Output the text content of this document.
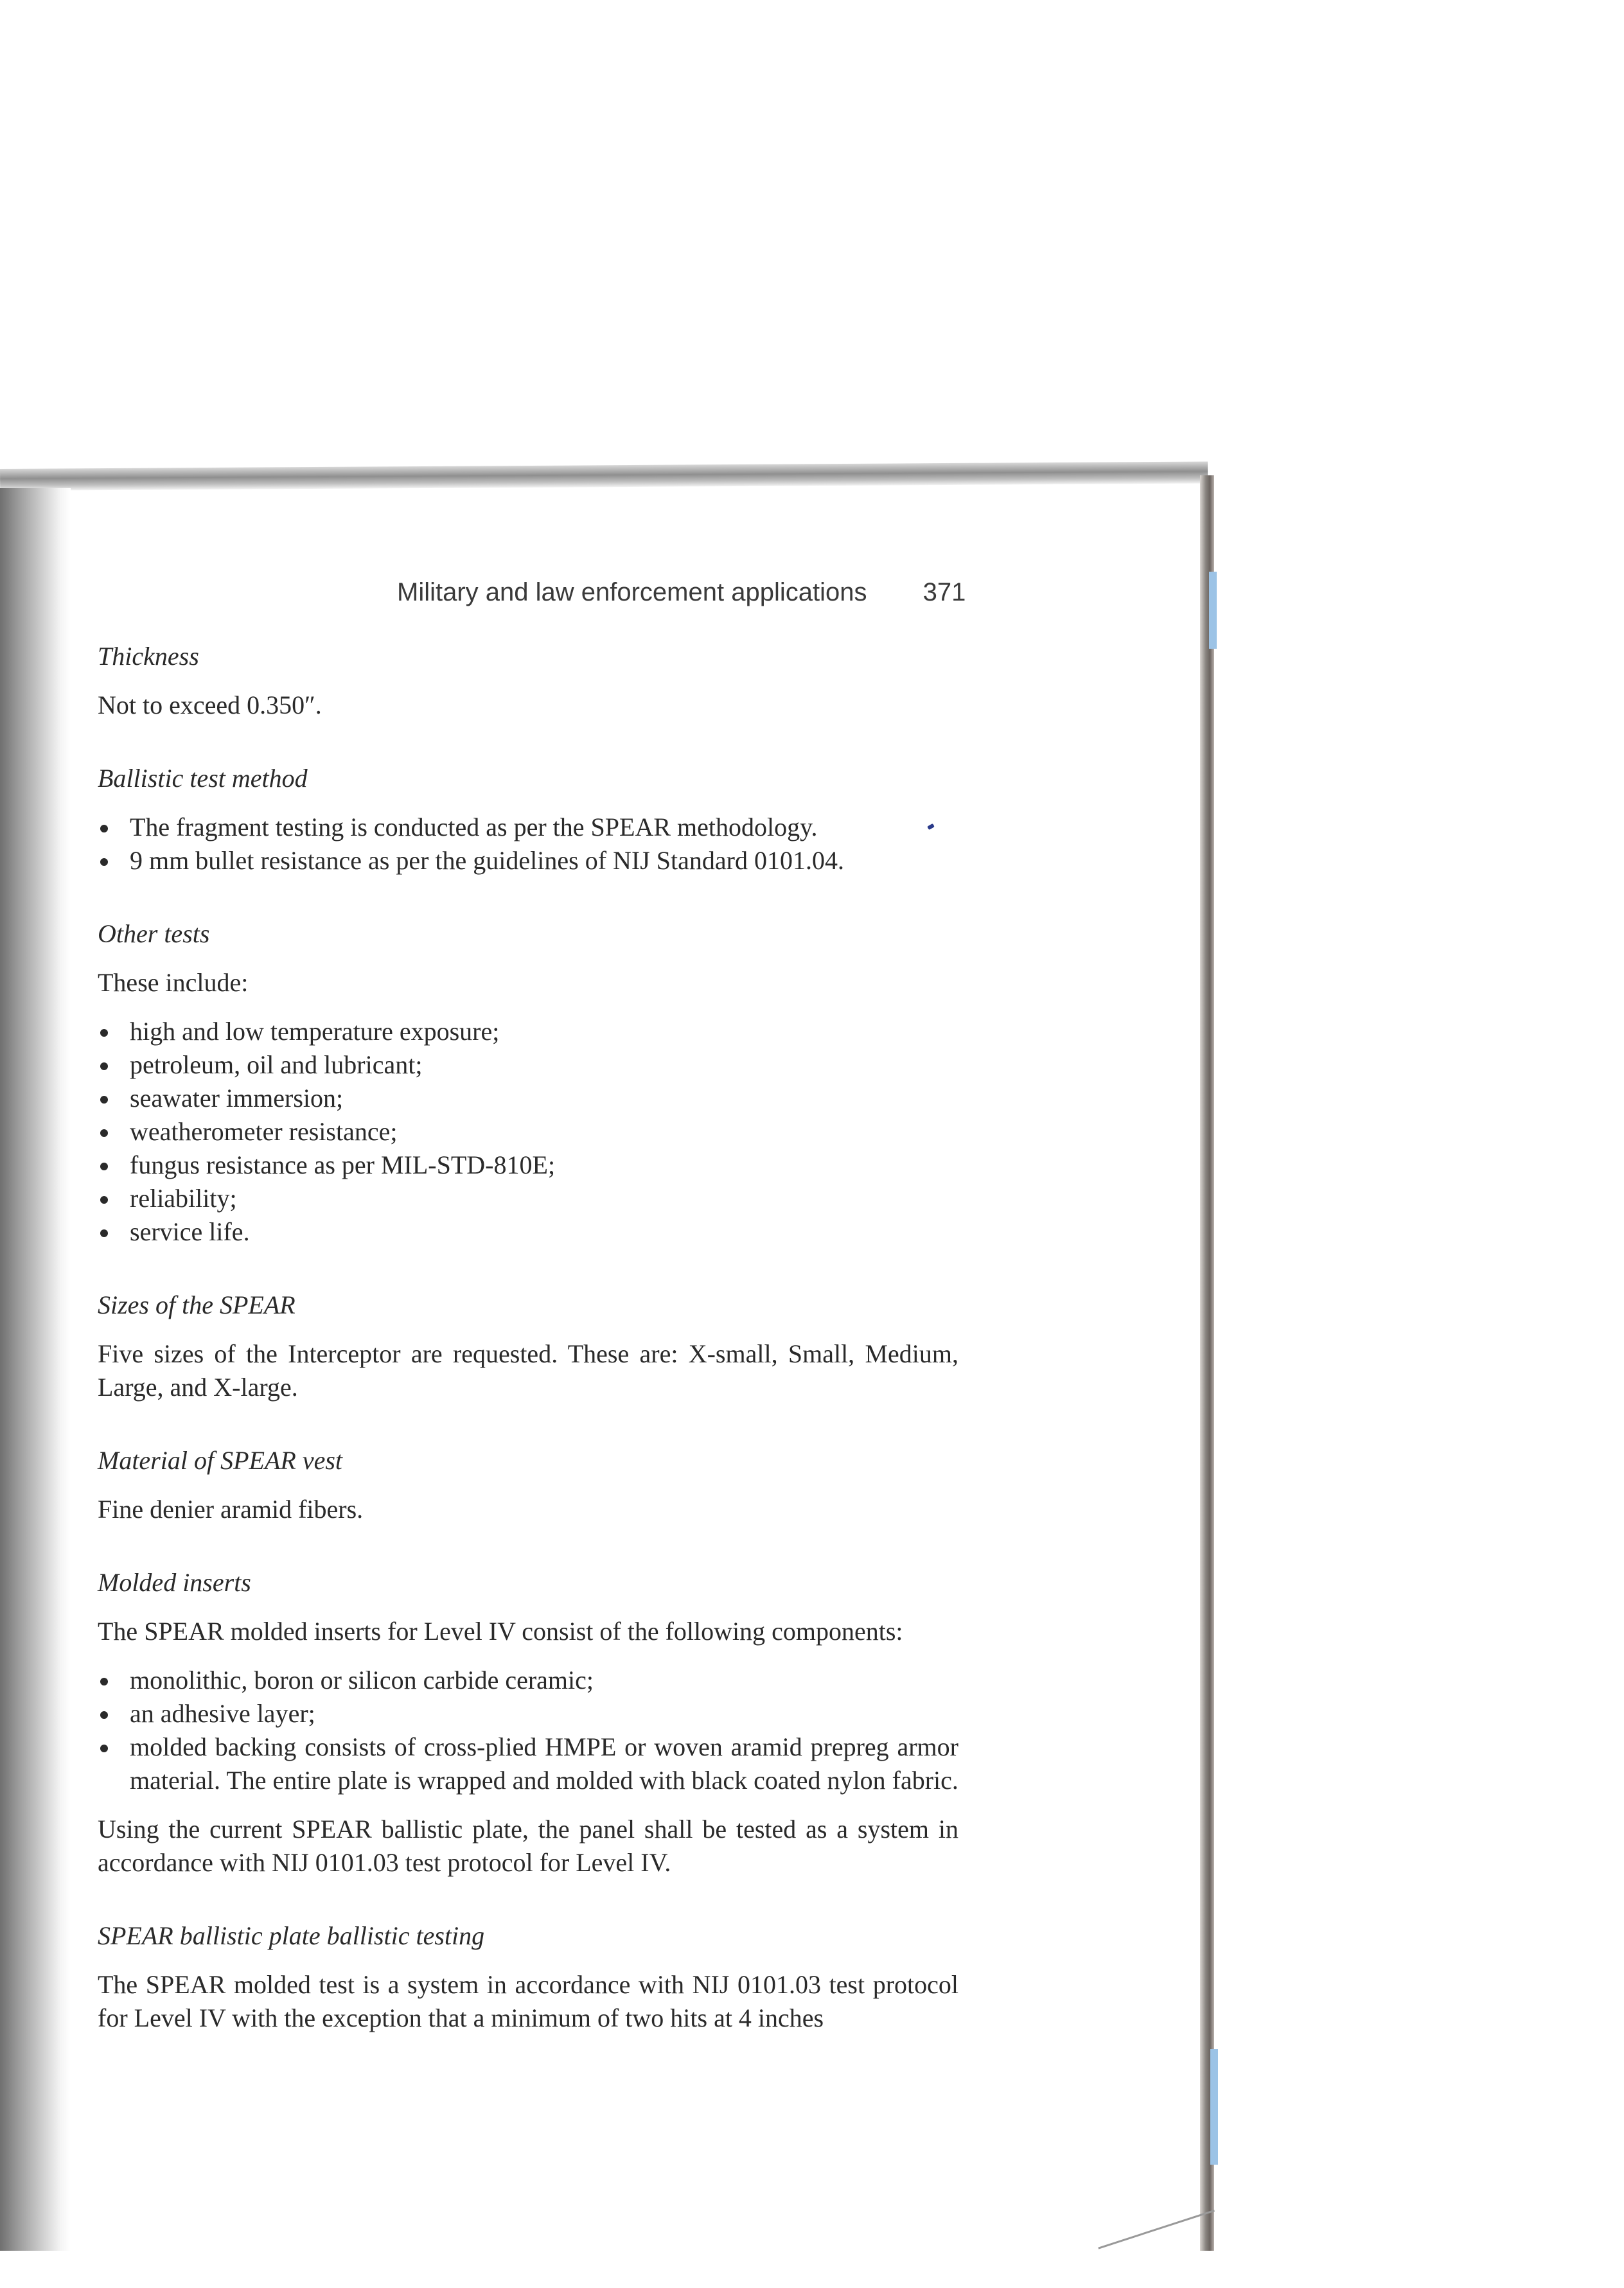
Military and law enforcement applications 371

Thickness

Not to exceed 0.350″.

Ballistic test method

The fragment testing is conducted as per the SPEAR methodology.
9 mm bullet resistance as per the guidelines of NIJ Standard 0101.04.

Other tests

These include:

high and low temperature exposure;
petroleum, oil and lubricant;
seawater immersion;
weatherometer resistance;
fungus resistance as per MIL-STD-810E;
reliability;
service life.

Sizes of the SPEAR

Five sizes of the Interceptor are requested. These are: X-small, Small, Medium, Large, and X-large.

Material of SPEAR vest

Fine denier aramid fibers.

Molded inserts

The SPEAR molded inserts for Level IV consist of the following components:

monolithic, boron or silicon carbide ceramic;
an adhesive layer;
molded backing consists of cross-plied HMPE or woven aramid prepreg armor material. The entire plate is wrapped and molded with black coated nylon fabric.

Using the current SPEAR ballistic plate, the panel shall be tested as a system in accordance with NIJ 0101.03 test protocol for Level IV.

SPEAR ballistic plate ballistic testing

The SPEAR molded test is a system in accordance with NIJ 0101.03 test protocol for Level IV with the exception that a minimum of two hits at 4 inches
